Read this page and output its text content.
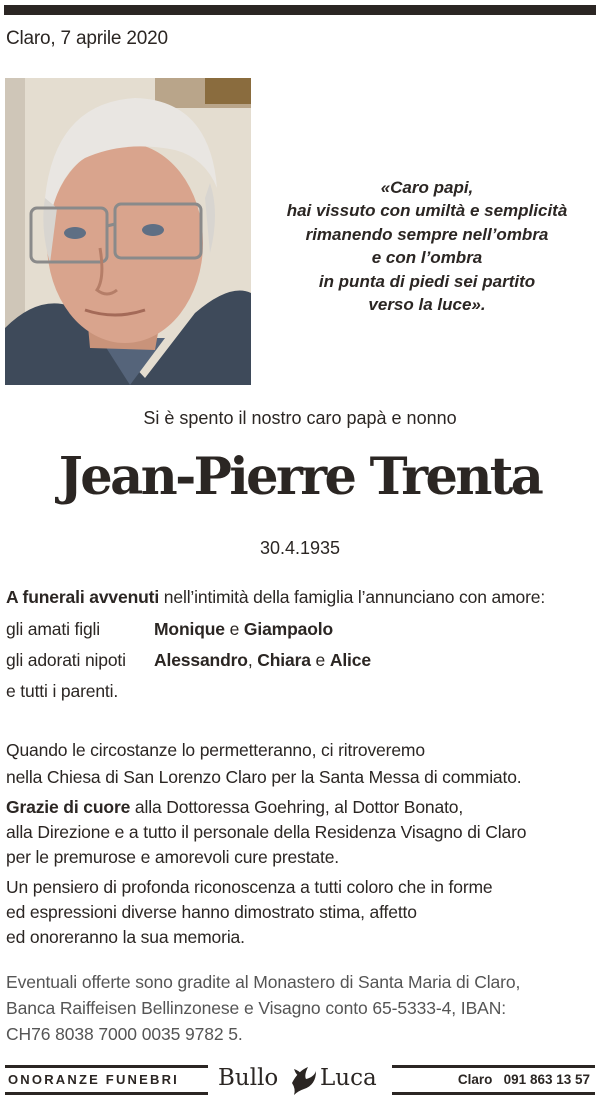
Claro, 7 aprile 2020
«Caro papi,
hai vissuto con umiltà e semplicità
rimanendo sempre nell’ombra
e con l’ombra
in punta di piedi sei partito
verso la luce».
Si è spento il nostro caro papà e nonno
Jean-Pierre Trenta
30.4.1935
A funerali avvenuti nell’intimità della famiglia l’annunciano con amore:
gli amati figli	Monique e Giampaolo
gli adorati nipoti Alessandro, Chiara e Alice
e tutti i parenti.
Quando le circostanze lo permetteranno, ci ritroveremo
nella Chiesa di San Lorenzo Claro per la Santa Messa di commiato.
Grazie di cuore alla Dottoressa Goehring, al Dottor Bonato,
alla Direzione e a tutto il personale della Residenza Visagno di Claro
per le premurose e amorevoli cure prestate.
Un pensiero di profonda riconoscenza a tutti coloro che in forme
ed espressioni diverse hanno dimostrato stima, affetto
ed onoreranno la sua memoria.
Eventuali offerte sono gradite al Monastero di Santa Maria di Claro,
Banca Raiffeisen Bellinzonese e Visagno conto 65-5333-4, IBAN:
CH76 8038 7000 0035 9782 5.
ONORANZE FUNEBRI Bullo Luca	Claro   091 863 13 57
